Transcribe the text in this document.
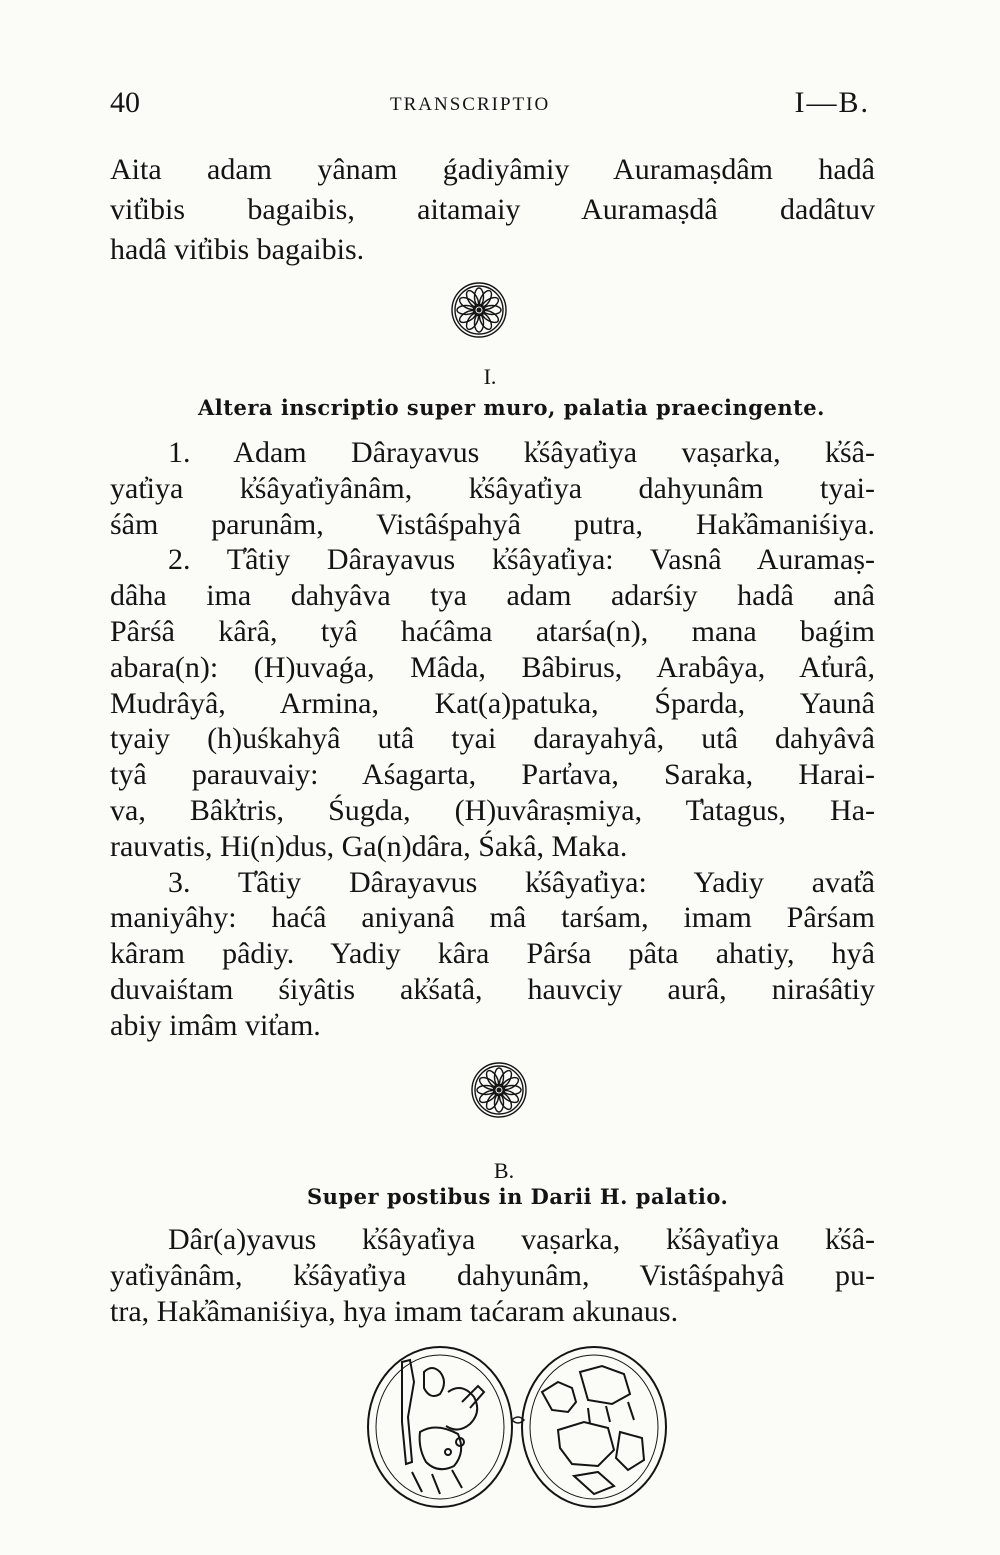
40	TRANSCRIPTIO	I—B.
Aita adam yânam ǵadiyâmiy Auramaṣdâm hadâ
vit̓ibis bagaibis, aitamaiy Auramaṣdâ dadâtuv
hadâ vit̓ibis bagaibis.
I.
Altera inscriptio super muro, palatia praecingente.
1. Adam Dârayavus k̓śâyat̓iya vaṣarka, k̓śâ-
yat̓iya k̓śâyat̓iyânâm, k̓śâyat̓iya dahyunâm tyai-
śâm parunâm, Vistâśpahyâ putra, Hak̓âmaniśiya.
2. T̓âtiy Dârayavus k̓śâyat̓iya: Vasnâ Auramaṣ-
dâha ima dahyâva tya adam adarśiy hadâ anâ
Pârśâ kârâ, tyâ haćâma atarśa(n), mana baǵim
abara(n): (H)uvaǵa, Mâda, Bâbirus, Arabâya, At̓urâ,
Mudrâyâ, Armina, Kat(a)patuka, Śparda, Yaunâ
tyaiy (h)uśkahyâ utâ tyai darayahyâ, utâ dahyâvâ
tyâ parauvaiy: Aśagarta, Part̓ava, Saraka, Harai-
va, Bâk̓tris, Śugda, (H)uvâraṣmiya, T̓atagus, Ha-
rauvatis, Hi(n)dus, Ga(n)dâra, Śakâ, Maka.
3. T̓âtiy Dârayavus k̓śâyat̓iya: Yadiy avat̓â
maniyâhy: haćâ aniyanâ mâ tarśam, imam Pârśam
kâram pâdiy. Yadiy kâra Pârśa pâta ahatiy, hyâ
duvaiśtam śiyâtis ak̓śatâ, hauvciy aurâ, niraśâtiy
abiy imâm vit̓am.
B.
Super postibus in Darii H. palatio.
Dâr(a)yavus k̓śâyat̓iya vaṣarka, k̓śâyat̓iya k̓śâ-
yat̓iyânâm, k̓śâyat̓iya dahyunâm, Vistâśpahyâ pu-
tra, Hak̓âmaniśiya, hya imam taćaram akunaus.
